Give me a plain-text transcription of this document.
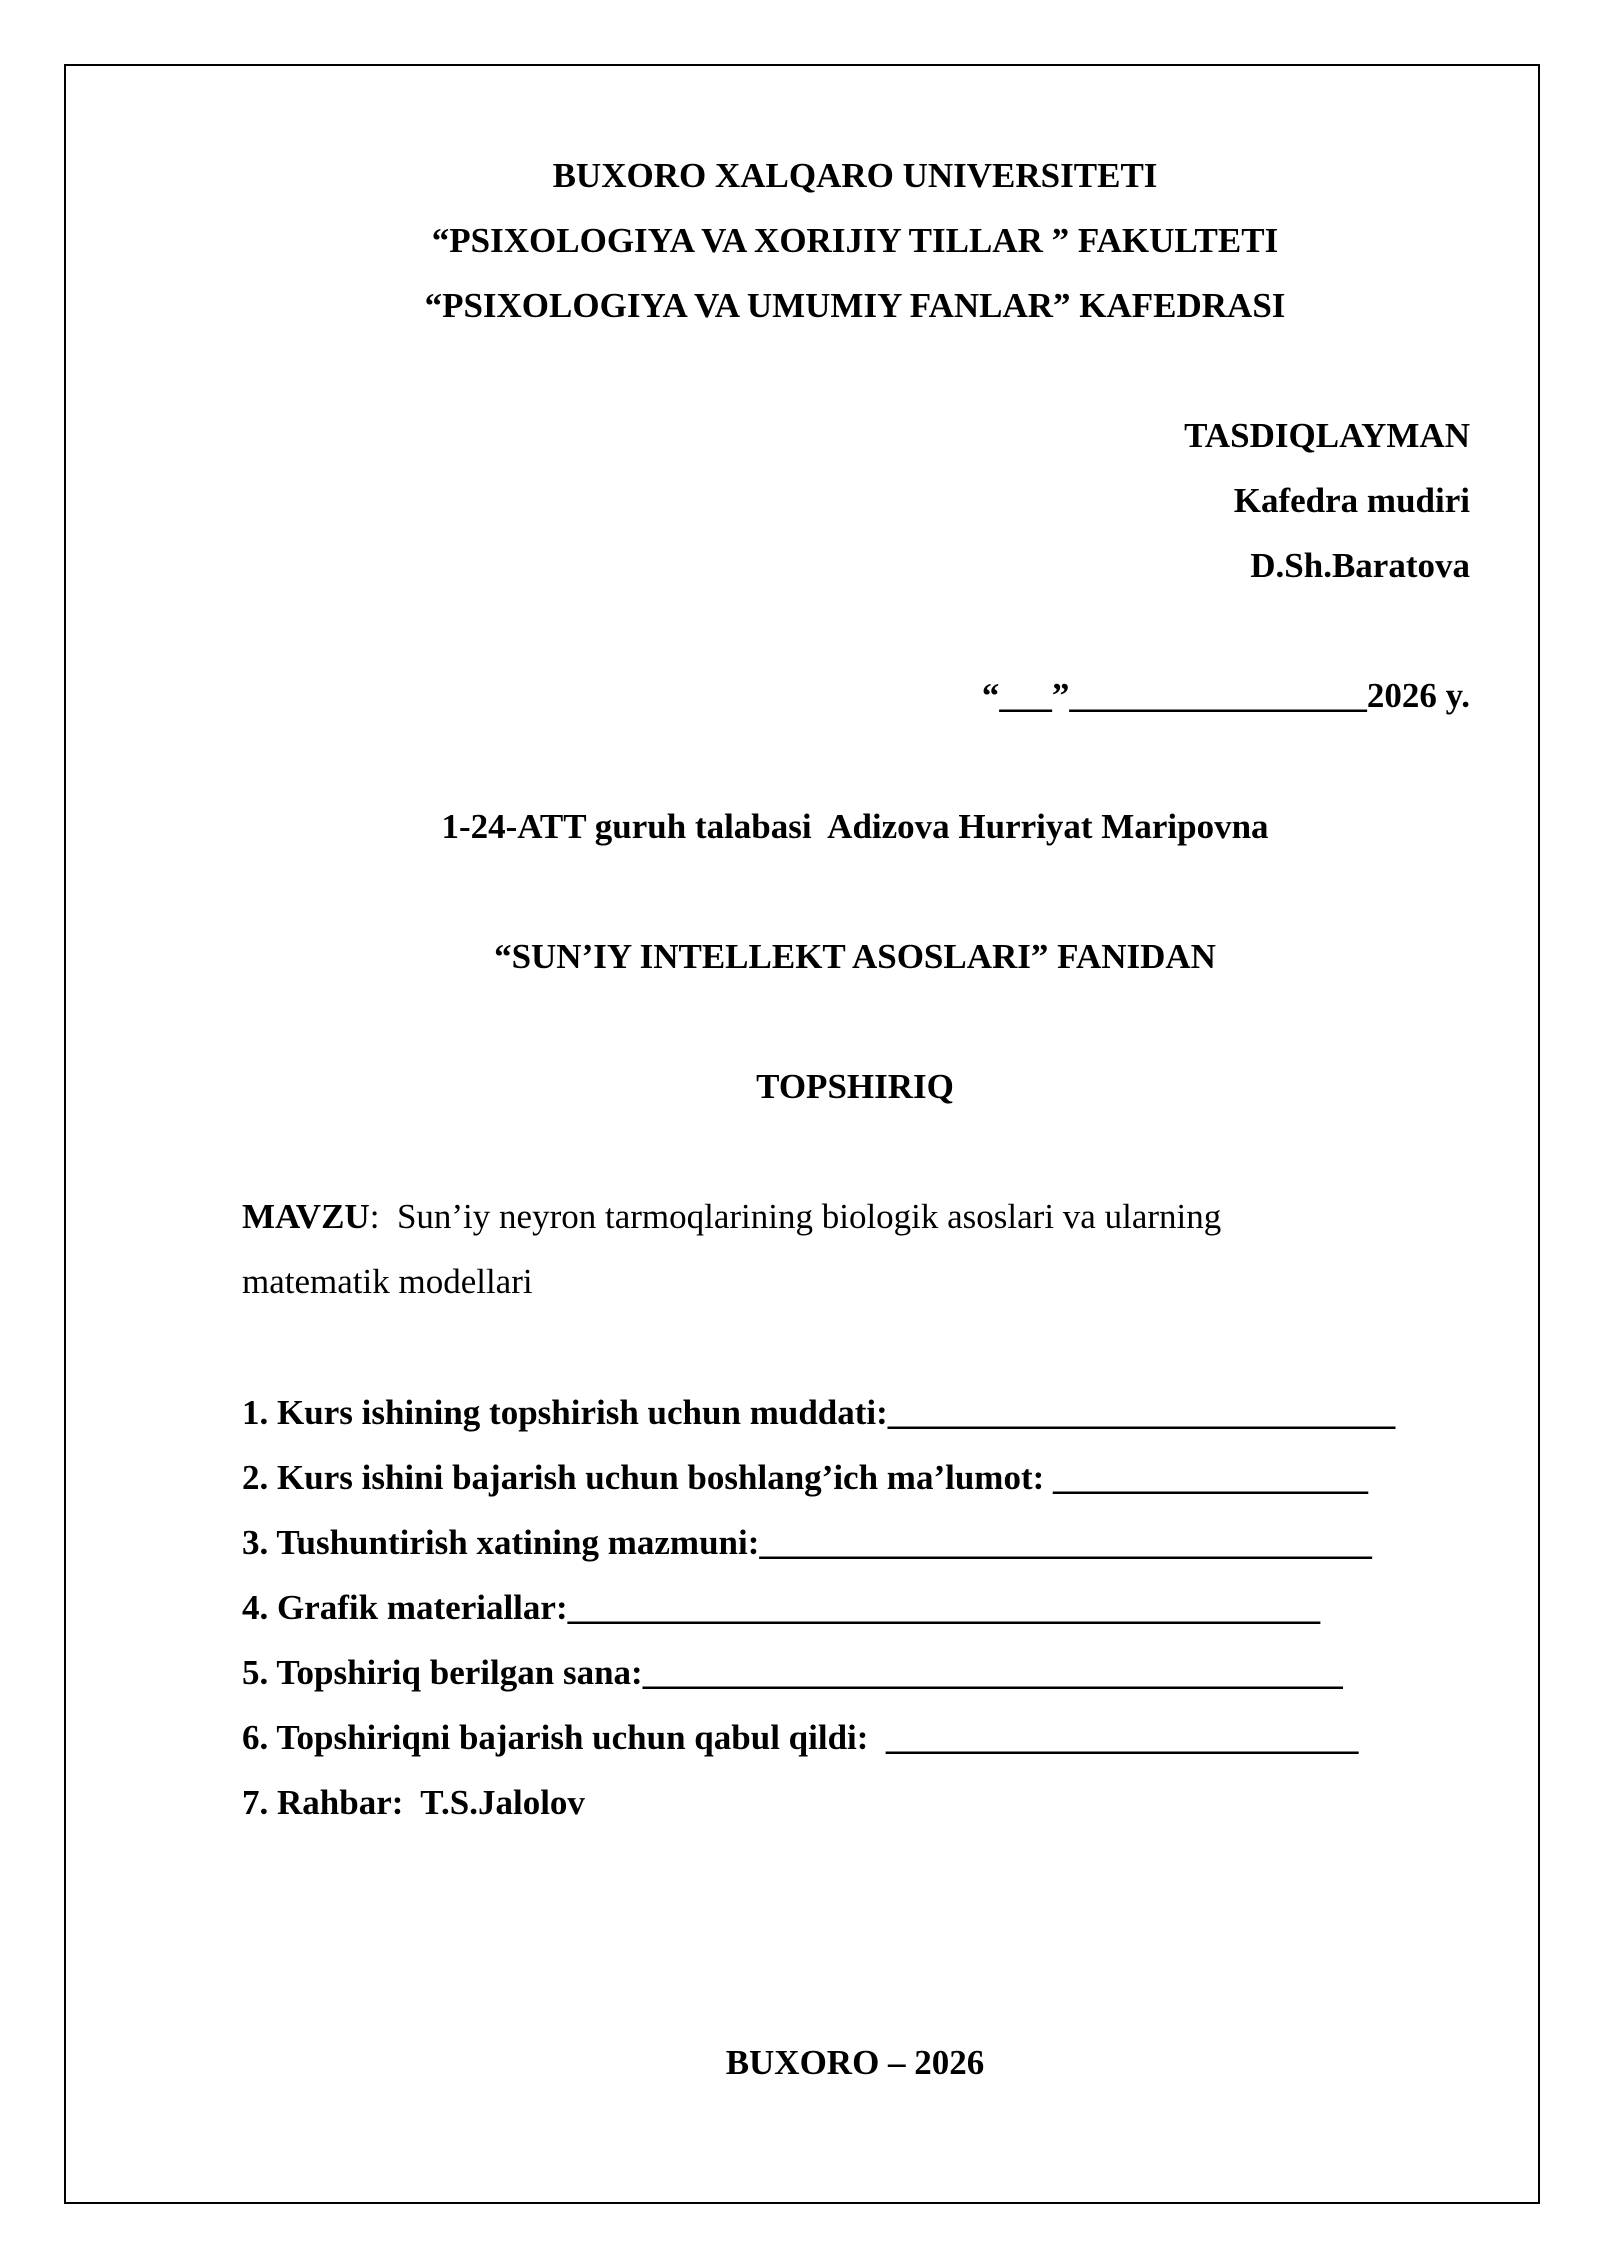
BUXORO XALQARO UNIVERSITETI
“PSIXOLOGIYA VA XORIJIY TILLAR ” FAKULTETI
“PSIXOLOGIYA VA UMUMIY FANLAR” KAFEDRASI
TASDIQLAYMAN
Kafedra mudiri
D.Sh.Baratova
“___”_________________2026 y.
1-24-ATT guruh talabasi  Adizova Hurriyat Maripovna
“SUN’IY INTELLEKT ASOSLARI” FANIDAN
TOPSHIRIQ
MAVZU:  Sun’iy neyron tarmoqlarining biologik asoslari va ularning
matematik modellari
1. Kurs ishining topshirish uchun muddati:_____________________________
2. Kurs ishini bajarish uchun boshlang’ich ma’lumot: __________________
3. Tushuntirish xatining mazmuni:___________________________________
4. Grafik materiallar:___________________________________________
5. Topshiriq berilgan sana:________________________________________
6. Topshiriqni bajarish uchun qabul qildi:  ___________________________
7. Rahbar:  T.S.Jalolov
BUXORO – 2026
